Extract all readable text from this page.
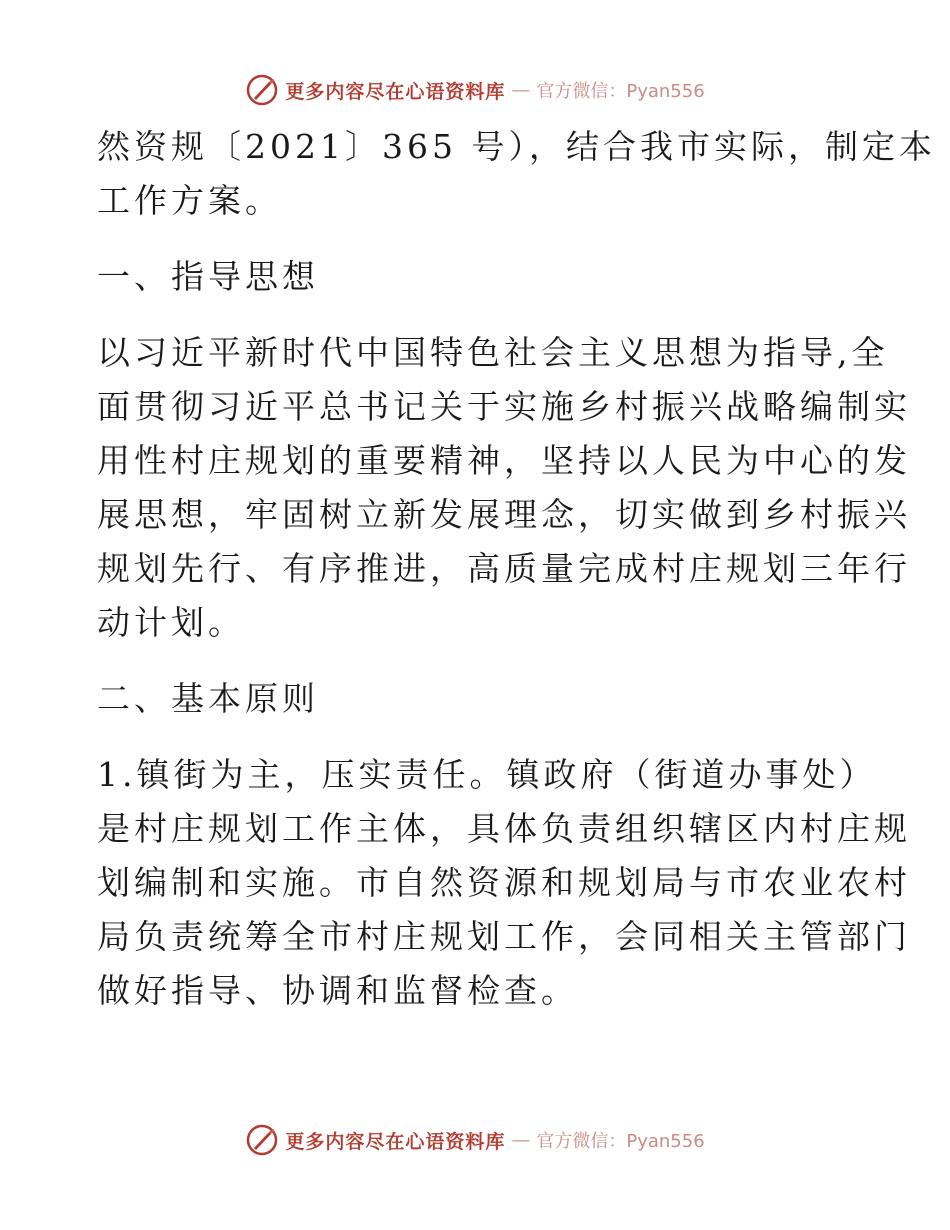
更多内容尽在心语资料库 — 官方微信：Pyan556
然资规〔2021〕365 号），结合我市实际，制定本
工作方案。
一、指导思想
以习近平新时代中国特色社会主义思想为指导,全
面贯彻习近平总书记关于实施乡村振兴战略编制实
用性村庄规划的重要精神，坚持以人民为中心的发
展思想，牢固树立新发展理念，切实做到乡村振兴
规划先行、有序推进，高质量完成村庄规划三年行
动计划。
二、基本原则
1.镇街为主，压实责任。镇政府（街道办事处）
是村庄规划工作主体，具体负责组织辖区内村庄规
划编制和实施。市自然资源和规划局与市农业农村
局负责统筹全市村庄规划工作，会同相关主管部门
做好指导、协调和监督检查。
更多内容尽在心语资料库 — 官方微信：Pyan556
